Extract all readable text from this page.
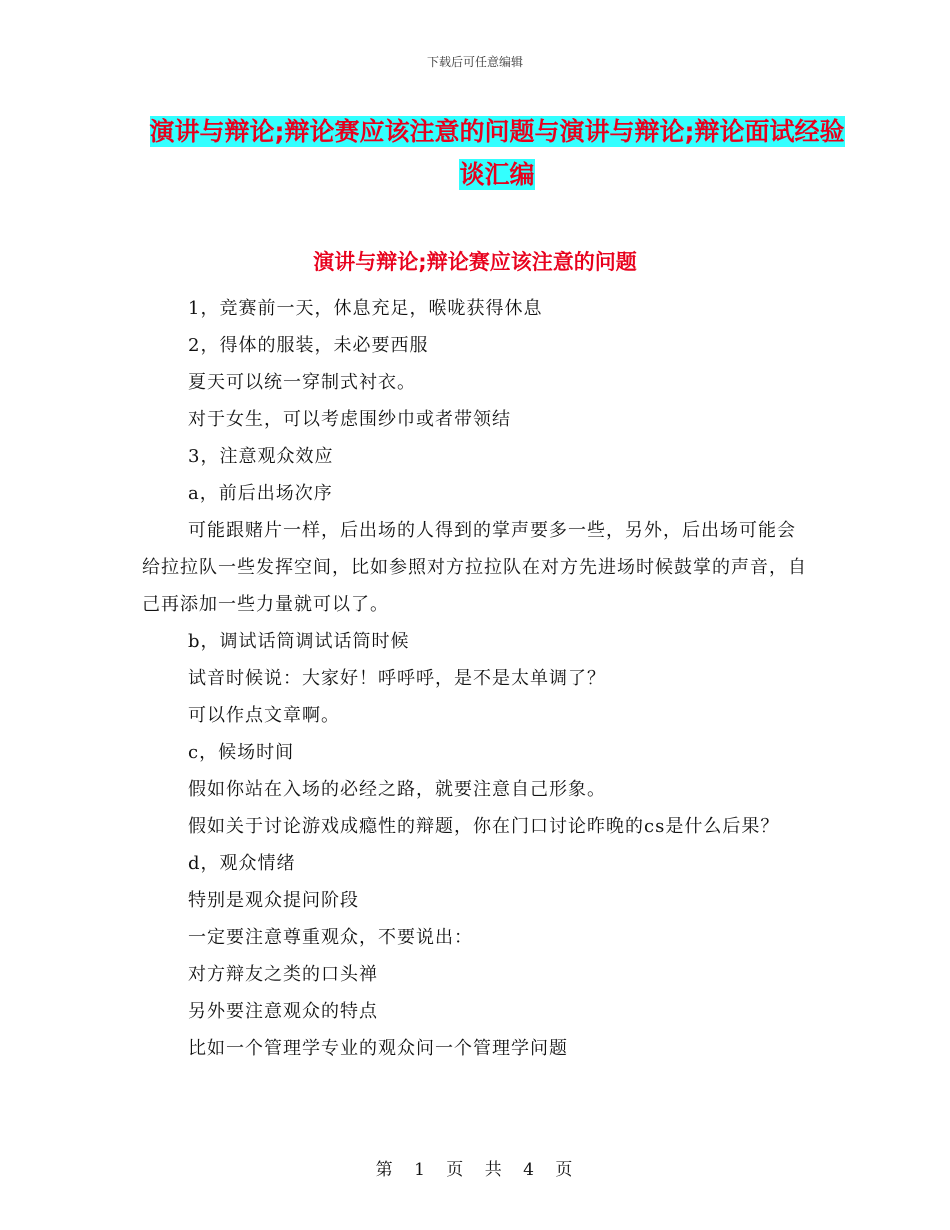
下载后可任意编辑
演讲与辩论;辩论赛应该注意的问题与演讲与辩论;辩论面试经验谈汇编
演讲与辩论;辩论赛应该注意的问题

1，竞赛前一天，休息充足，喉咙获得休息

2，得体的服装，未必要西服

夏天可以统一穿制式衬衣。

对于女生，可以考虑围纱巾或者带领结

3，注意观众效应

a，前后出场次序

可能跟赌片一样，后出场的人得到的掌声要多一些，另外，后出场可能会给拉拉队一些发挥空间，比如参照对方拉拉队在对方先进场时候鼓掌的声音，自己再添加一些力量就可以了。

b，调试话筒调试话筒时候

试音时候说：大家好！呼呼呼，是不是太单调了？

可以作点文章啊。

c，候场时间

假如你站在入场的必经之路，就要注意自己形象。

假如关于讨论游戏成瘾性的辩题，你在门口讨论昨晚的cs是什么后果？

d，观众情绪

特别是观众提问阶段

一定要注意尊重观众，不要说出：

对方辩友之类的口头禅

另外要注意观众的特点

比如一个管理学专业的观众问一个管理学问题

第 1 页 共 4 页
